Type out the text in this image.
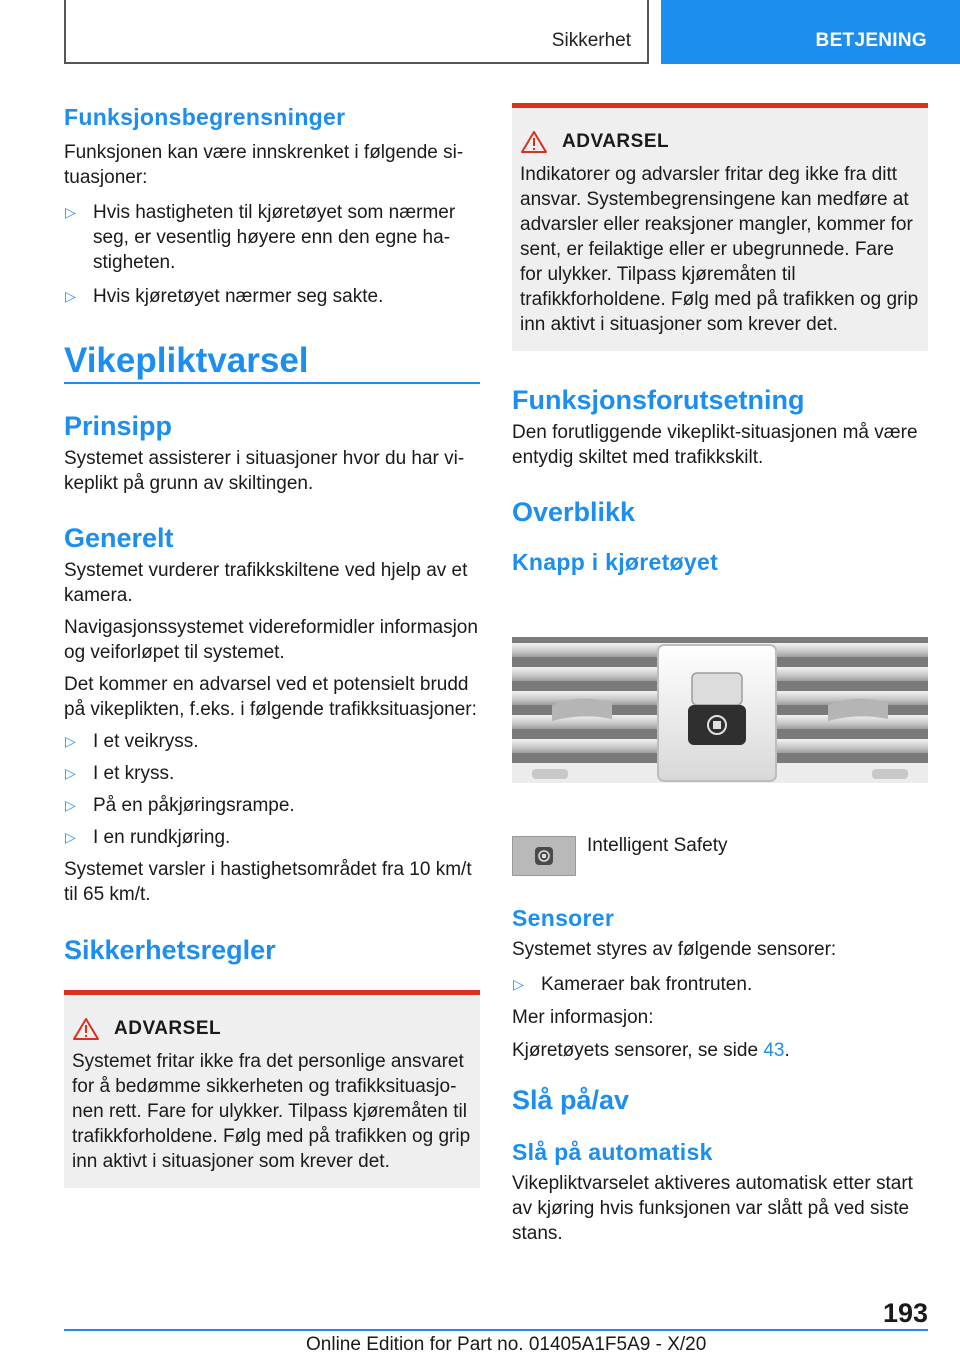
Sikkerhet	BETJENING
Funksjonsbegrensninger

Funksjonen kan være innskrenket i følgende situasjoner:

▷ Hvis hastigheten til kjøretøyet som nærmer seg, er vesentlig høyere enn den egne hastigheten.

▷ Hvis kjøretøyet nærmer seg sakte.

Vikepliktvarsel
Prinsipp

Systemet assisterer i situasjoner hvor du har vikeplikt på grunn av skiltingen.

Generelt

Systemet vurderer trafikkskiltene ved hjelp av et kamera.

Navigasjonssystemet videreformidler informasjon og veiforløpet til systemet.

Det kommer en advarsel ved et potensielt brudd på vikeplikten, f.eks. i følgende trafikksituasjoner:

▷ I et veikryss.

▷ I et kryss.

▷ På en påkjøringsrampe.

▷ I en rundkjøring.

Systemet varsler i hastighetsområdet fra 10 km/t til 65 km/t.

Sikkerhetsregler
ADVARSEL

Systemet fritar ikke fra det personlige ansvaret for å bedømme sikkerheten og trafikksituasjonen rett. Fare for ulykker. Tilpass kjøremåten til trafikkforholdene. Følg med på trafikken og grip inn aktivt i situasjoner som krever det.

ADVARSEL

Indikatorer og advarsler fritar deg ikke fra ditt ansvar. Systembegrensingene kan medføre at advarsler eller reaksjoner mangler, kommer for sent, er feilaktige eller er ubegrunnede. Fare for ulykker. Tilpass kjøremåten til trafikkforholdene. Følg med på trafikken og grip inn aktivt i situasjoner som krever det.

Funksjonsforutsetning

Den forutliggende vikeplikt-situasjonen må være entydig skiltet med trafikkskilt.

Overblikk
Knapp i kjøretøyet

Intelligent Safety

Sensorer

Systemet styres av følgende sensorer:

▷ Kameraer bak frontruten.

Mer informasjon:

Kjøretøyets sensorer, se side 43.

Slå på/av
Slå på automatisk

Vikepliktvarselet aktiveres automatisk etter start av kjøring hvis funksjonen var slått på ved siste stans.

193
Online Edition for Part no. 01405A1F5A9 - X/20
